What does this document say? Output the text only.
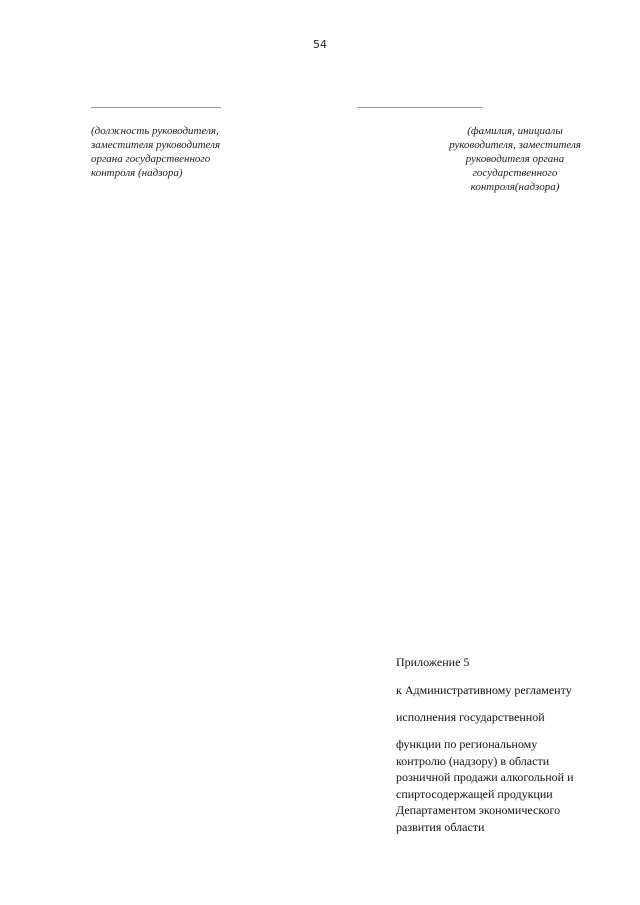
54
(должность руководителя,
заместителя руководителя
органа государственного
контроля (надзора)
(фамилия, инициалы
руководителя, заместителя
руководителя органа
государственного
контроля(надзора)

Приложение 5

к Административному регламенту

исполнения государственной

функции по региональному
контролю (надзору) в области
розничной продажи алкогольной и
спиртосодержащей продукции
Департаментом экономического
развития области
